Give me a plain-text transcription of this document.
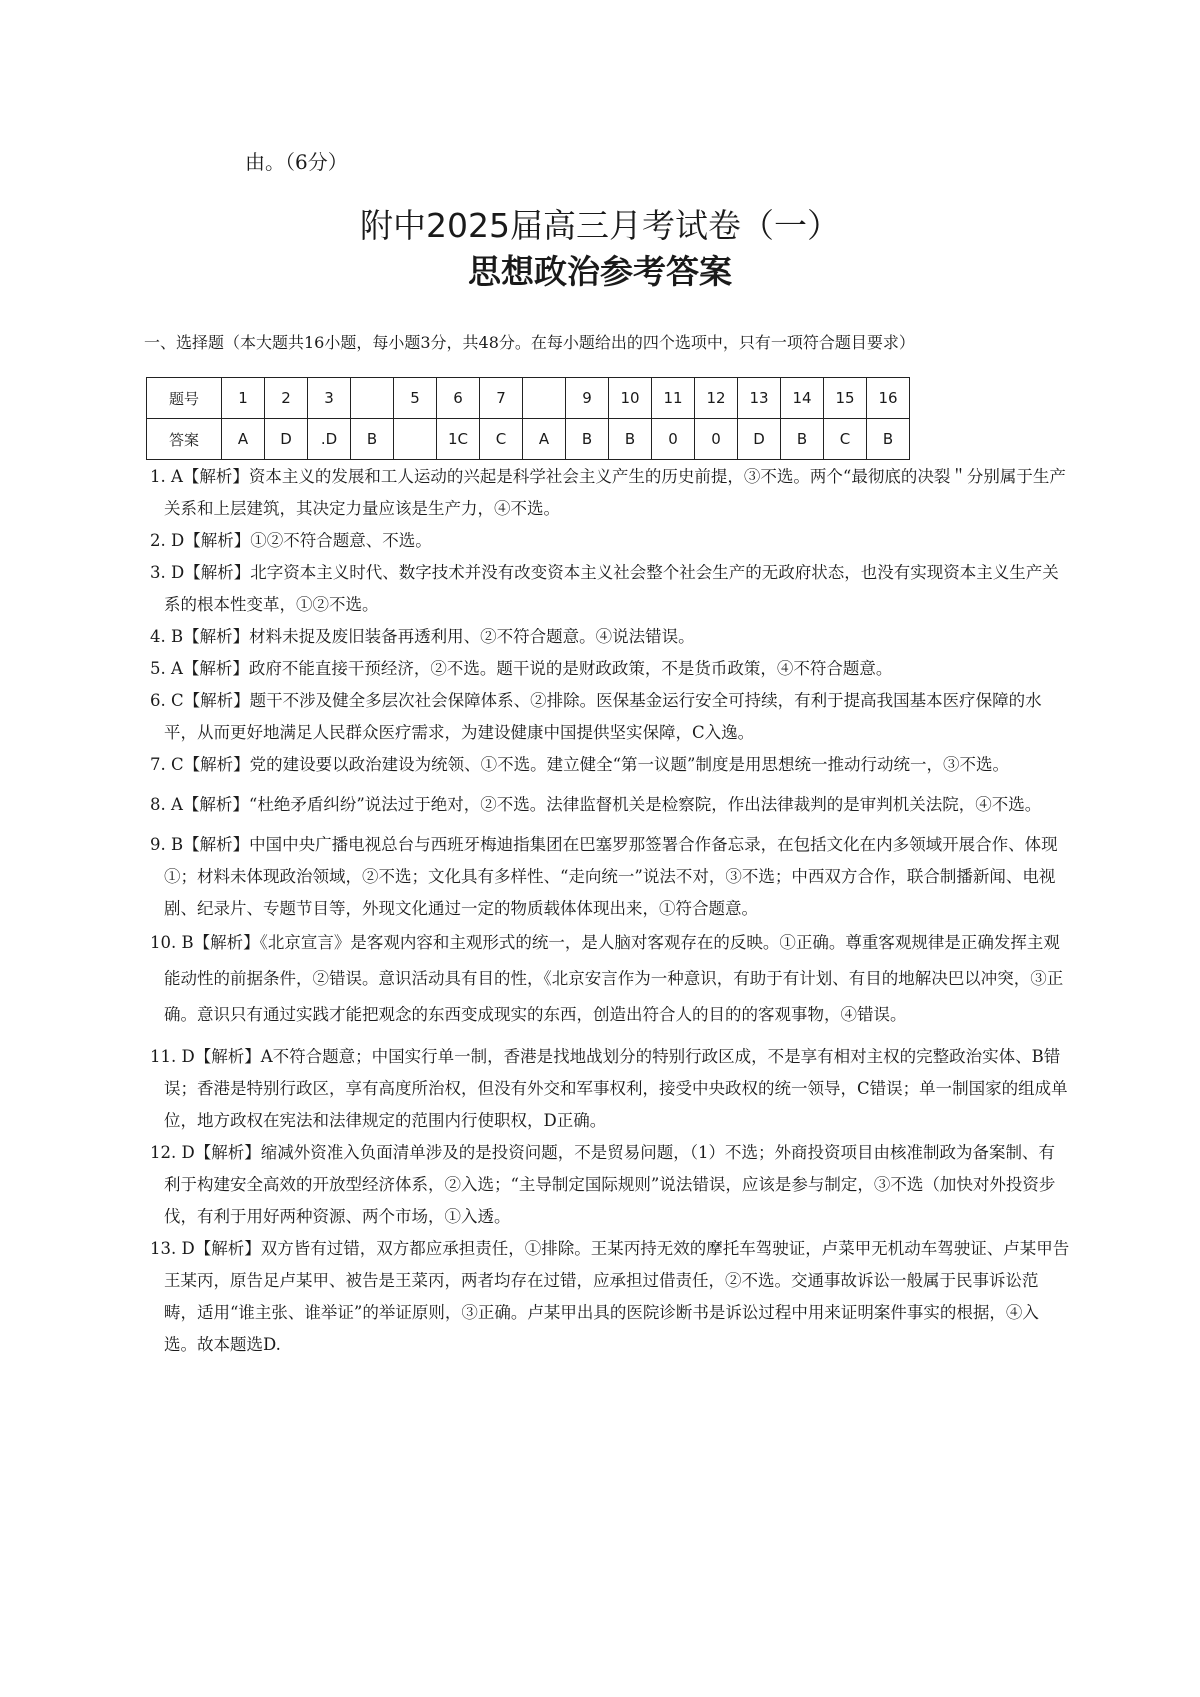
由。（6分）
附中2025届高三月考试卷（一）
思想政治参考答案
一、选择题（本大题共16小题，每小题3分，共48分。在每小题给出的四个选项中，只有一项符合题目要求）
题号	1	2	3		5	6	7		9	10	11	12	13	14	15	16
答案	A	D	.D	B		1C	C	A	B	B	0	0	D	B	C	B

1. A【解析】资本主义的发展和工人运动的兴起是科学社会主义产生的历史前提，③不选。两个“最彻底的决裂＂分别属于生产关系和上层建筑，其决定力量应该是生产力，④不选。

2. D【解析】①②不符合题意、不选。

3. D【解析】北字资本主义时代、数字技术并没有改变资本主义社会整个社会生产的无政府状态，也没有实现资本主义生产关系的根本性变革，①②不选。

4. B【解析】材料未捉及废旧装备再透利用、②不符合题意。④说法错误。

5. A【解析】政府不能直接干预经济，②不选。题干说的是财政政策，不是货币政策，④不符合题意。

6. C【解析】题干不涉及健全多层次社会保障体系、②排除。医保基金运行安全可持续，有利于提高我国基本医疗保障的水平，从而更好地满足人民群众医疗需求，为建设健康中国提供坚实保障，C入逸。

7. C【解析】党的建设要以政治建设为统领、①不选。建立健全“第一议题”制度是用思想统一推动行动统一，③不选。

8. A【解析】“杜绝矛盾纠纷”说法过于绝对，②不选。法律监督机关是检察院，作出法律裁判的是审判机关法院，④不选。

9. B【解析】中国中央广播电视总台与西班牙梅迪指集团在巴塞罗那签署合作备忘录，在包括文化在内多领域开展合作、体现①；材料未体现政治领域，②不选；文化具有多样性、“走向统一”说法不对，③不选；中西双方合作，联合制播新闻、电视剧、纪录片、专题节目等，外现文化通过一定的物质载体体现出来，①符合题意。

10. B【解析】《北京宣言》是客观内容和主观形式的统一，是人脑对客观存在的反映。①正确。尊重客观规律是正确发挥主观能动性的前据条件，②错误。意识活动具有目的性，《北京安言作为一种意识，有助于有计划、有目的地解决巴以冲突，③正确。意识只有通过实践才能把观念的东西变成现实的东西，创造出符合人的目的的客观事物，④错误。

11. D【解析】A不符合题意；中国实行单一制，香港是找地战划分的特别行政区成，不是享有相对主权的完整政治实体、B错误；香港是特别行政区，享有高度所治权，但没有外交和军事权利，接受中央政权的统一领导，C错误；单一制国家的组成单位，地方政权在宪法和法律规定的范围内行使职权，D正确。

12. D【解析】缩减外资准入负面清单涉及的是投资问题，不是贸易问题，（1）不选；外商投资项目由核准制政为备案制、有利于构建安全高效的开放型经济体系，②入选；“主导制定国际规则”说法错误，应该是参与制定，③不选（加快对外投资步伐，有利于用好两种资源、两个市场，①入透。

13. D【解析】双方皆有过错，双方都应承担责任，①排除。王某丙持无效的摩托车驾驶证，卢菜甲无机动车驾驶证、卢某甲告王某丙，原告足卢某甲、被告是王菜丙，两者均存在过错，应承担过借责任，②不选。交通事故诉讼一般属于民事诉讼范畴，适用“谁主张、谁举证”的举证原则，③正确。卢某甲出具的医院诊断书是诉讼过程中用来证明案件事实的根据，④入选。故本题选D.
